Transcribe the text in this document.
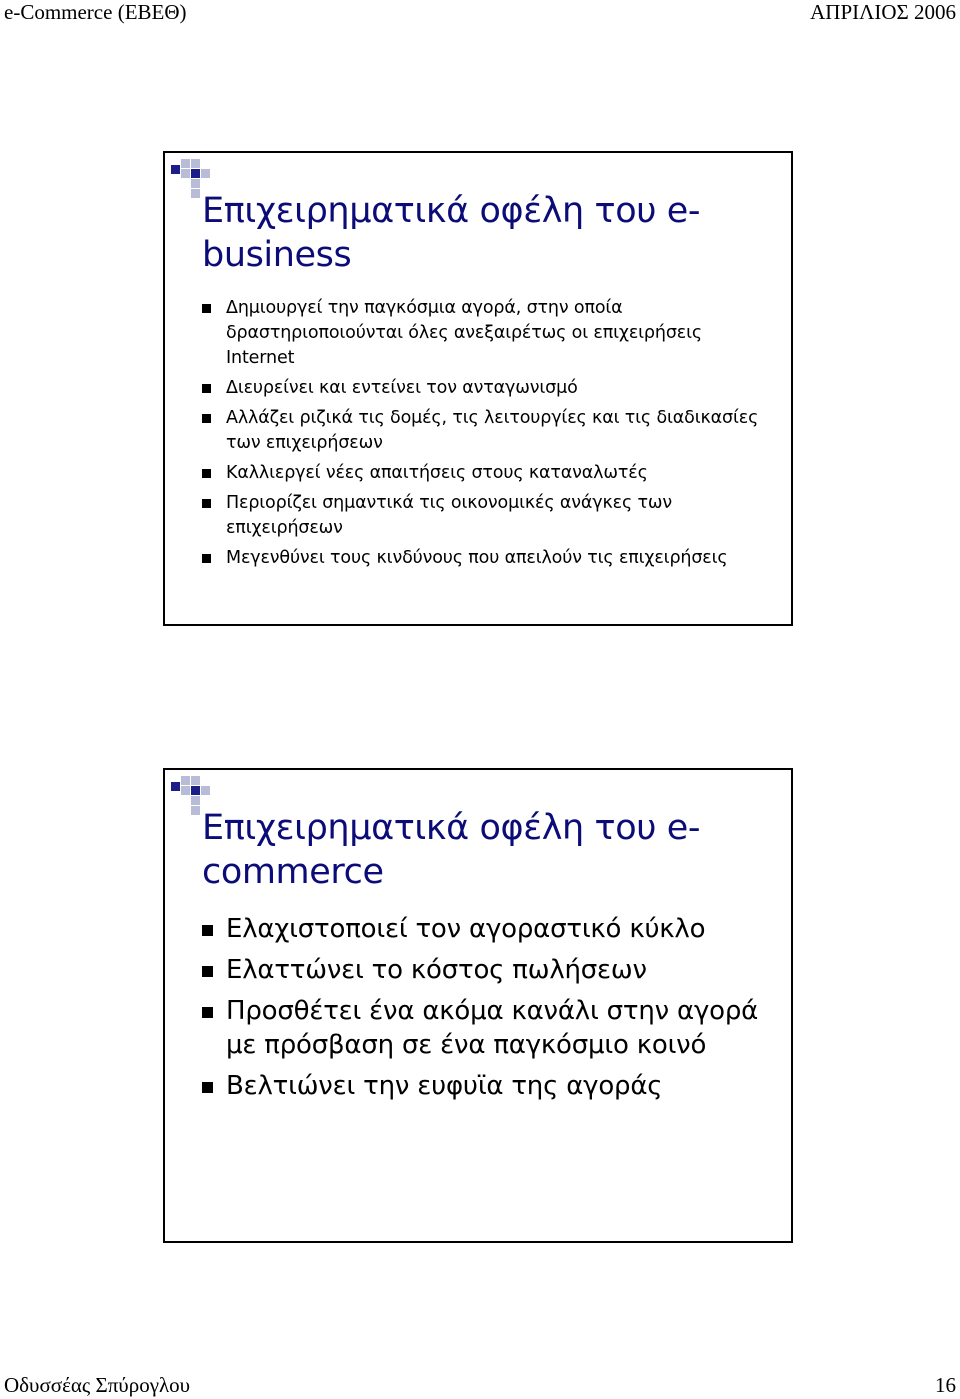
e-Commerce (ΕΒΕΘ)	ΑΠΡΙΛΙΟΣ 2006
Επιχειρηματικά οφέλη του e-business
Δημιουργεί την παγκόσμια αγορά, στην οποία δραστηριοποιούνται όλες ανεξαιρέτως οι επιχειρήσεις Internet
Διευρείνει και εντείνει τον ανταγωνισμό
Αλλάζει ριζικά τις δομές, τις λειτουργίες και τις διαδικασίες των επιχειρήσεων
Καλλιεργεί νέες απαιτήσεις στους καταναλωτές
Περιορίζει σημαντικά τις οικονομικές ανάγκες των επιχειρήσεων
Μεγενθύνει τους κινδύνους που απειλούν τις επιχειρήσεις
Επιχειρηματικά οφέλη του e-commerce
Ελαχιστοποιεί τον αγοραστικό κύκλο
Ελαττώνει το κόστος πωλήσεων
Προσθέτει ένα ακόμα κανάλι στην αγορά με πρόσβαση σε ένα παγκόσμιο κοινό
Βελτιώνει την ευφυϊα της αγοράς
Οδυσσέας Σπύρογλου	16
